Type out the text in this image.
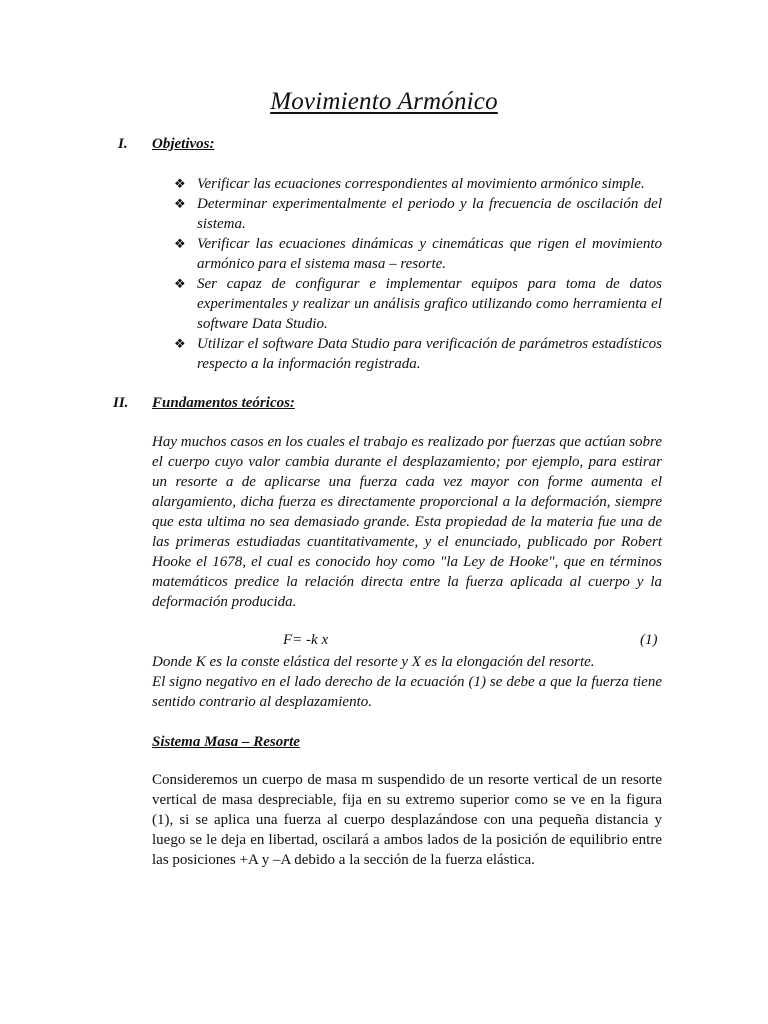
Movimiento Armónico
I. Objetivos:
❖ Verificar las ecuaciones correspondientes al movimiento armónico simple.
❖ Determinar experimentalmente el periodo y la frecuencia de oscilación del sistema.
❖ Verificar las ecuaciones dinámicas y cinemáticas que rigen el movimiento armónico para el sistema masa – resorte.
❖ Ser capaz de configurar e implementar equipos para toma de datos experimentales y realizar un análisis grafico utilizando como herramienta el software Data Studio.
❖ Utilizar el software Data Studio para verificación de parámetros estadísticos respecto a la información registrada.
II. Fundamentos teóricos:

Hay muchos casos en los cuales el trabajo es realizado por fuerzas que actúan sobre el cuerpo cuyo valor cambia durante el desplazamiento; por ejemplo, para estirar un resorte a de aplicarse una fuerza cada vez mayor con forme aumenta el alargamiento, dicha fuerza es directamente proporcional a la deformación, siempre que esta ultima no sea demasiado grande. Esta propiedad de la materia fue una de las primeras estudiadas cuantitativamente, y el enunciado, publicado por Robert Hooke el 1678, el cual es conocido hoy como "la Ley de Hooke", que en términos matemáticos predice la relación directa entre la fuerza aplicada al cuerpo y la deformación producida.

F= -k x	(1)

Donde K es la conste elástica del resorte y X es la elongación del resorte.

El signo negativo en el lado derecho de la ecuación (1) se debe a que la fuerza tiene sentido contrario al desplazamiento.

Sistema Masa – Resorte

Consideremos un cuerpo de masa m suspendido de un resorte vertical de un resorte vertical de masa despreciable, fija en su extremo superior como se ve en la figura (1), si se aplica una fuerza al cuerpo desplazándose con una pequeña distancia y luego se le deja en libertad, oscilará a ambos lados de la posición de equilibrio entre las posiciones +A y –A debido a la sección de la fuerza elástica.
